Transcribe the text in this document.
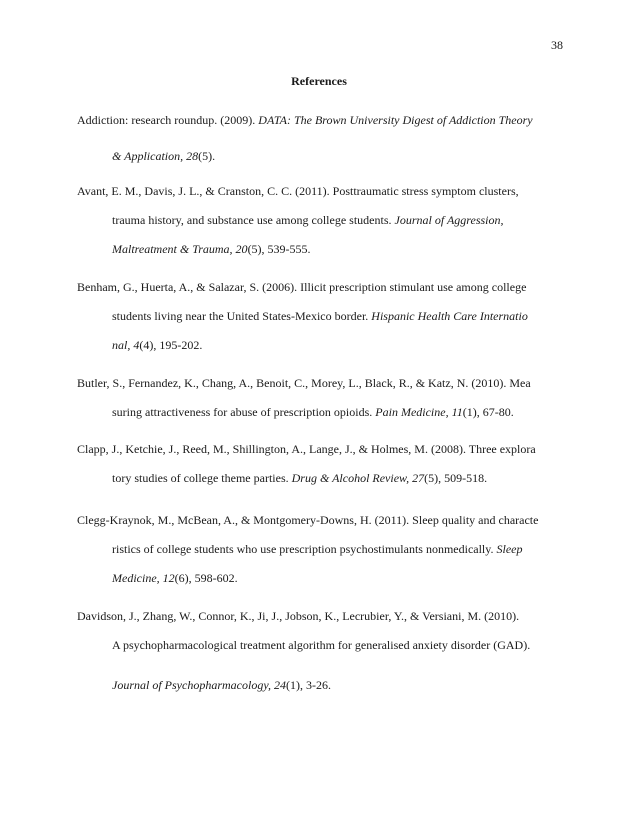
38
References

Addiction: research roundup. (2009). DATA: The Brown University Digest of Addiction Theory

& Application, 28(5).

Avant, E. M., Davis, J. L., & Cranston, C. C. (2011). Posttraumatic stress symptom clusters,

trauma history, and substance use among college students. Journal of Aggression,

Maltreatment & Trauma, 20(5), 539-555.

Benham, G., Huerta, A., & Salazar, S. (2006). Illicit prescription stimulant use among college

students living near the United States-Mexico border. Hispanic Health Care Internatio

nal, 4(4), 195-202.

Butler, S., Fernandez, K., Chang, A., Benoit, C., Morey, L., Black, R., & Katz, N. (2010). Mea

suring attractiveness for abuse of prescription opioids. Pain Medicine, 11(1), 67-80.

Clapp, J., Ketchie, J., Reed, M., Shillington, A., Lange, J., & Holmes, M. (2008). Three explora

tory studies of college theme parties. Drug & Alcohol Review, 27(5), 509-518.

Clegg-Kraynok, M., McBean, A., & Montgomery-Downs, H. (2011). Sleep quality and characte

ristics of college students who use prescription psychostimulants nonmedically. Sleep

Medicine, 12(6), 598-602.

Davidson, J., Zhang, W., Connor, K., Ji, J., Jobson, K., Lecrubier, Y., & Versiani, M. (2010).

A psychopharmacological treatment algorithm for generalised anxiety disorder (GAD).

Journal of Psychopharmacology, 24(1), 3-26.
